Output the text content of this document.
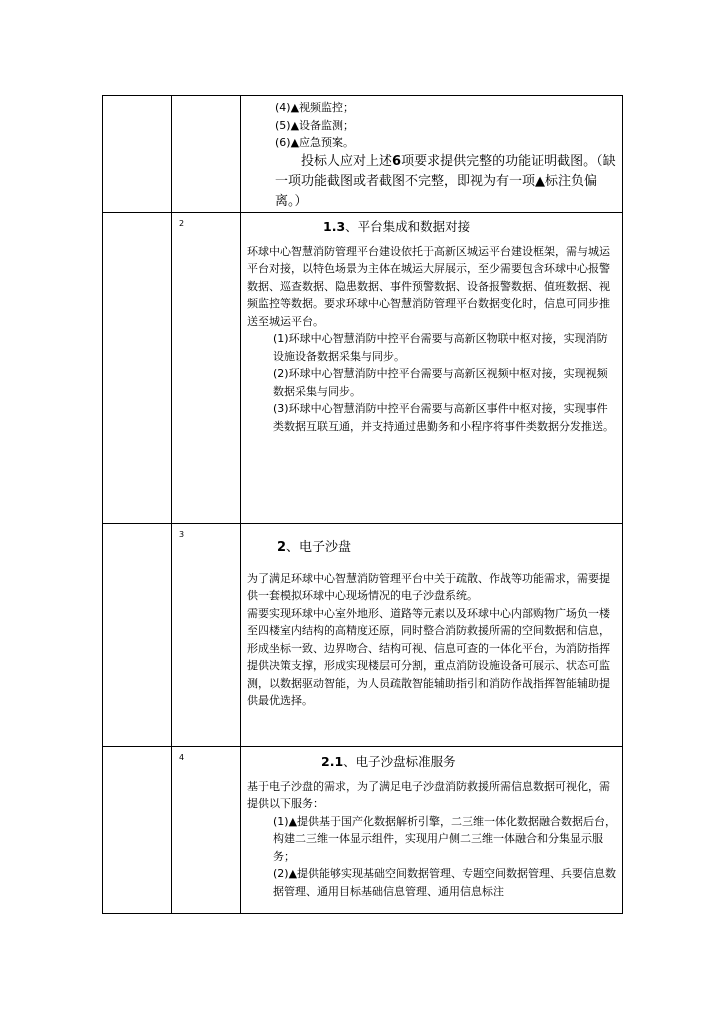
		(4)▲视频监控；
(5)▲设备监测；
(6)▲应急预案。
投标人应对上述6项要求提供完整的功能证明截图。（缺一项功能截图或者截图不完整，即视为有一项▲标注负偏离。）

	2	1.3、平台集成和数据对接
环球中心智慧消防管理平台建设依托于高新区城运平台建设框架，需与城运平台对接，以特色场景为主体在城运大屏展示，至少需要包含环球中心报警数据、巡查数据、隐患数据、事件预警数据、设备报警数据、值班数据、视频监控等数据。要求环球中心智慧消防管理平台数据变化时，信息可同步推送至城运平台。
(1)环球中心智慧消防中控平台需要与高新区物联中枢对接，实现消防设施设备数据采集与同步。
(2)环球中心智慧消防中控平台需要与高新区视频中枢对接，实现视频数据采集与同步。
(3)环球中心智慧消防中控平台需要与高新区事件中枢对接，实现事件类数据互联互通，并支持通过患勤务和小程序将事件类数据分发推送。

	3	2、电子沙盘
为了满足环球中心智慧消防管理平台中关于疏散、作战等功能需求，需要提供一套模拟环球中心现场情况的电子沙盘系统。
需要实现环球中心室外地形、道路等元素以及环球中心内部购物广场负一楼至四楼室内结构的高精度还原，同时整合消防救援所需的空间数据和信息，形成坐标一致、边界吻合、结构可视、信息可查的一体化平台，为消防指挥提供决策支撑，形成实现楼层可分割，重点消防设施设备可展示、状态可监测，以数据驱动智能，为人员疏散智能辅助指引和消防作战指挥智能辅助提供最优选择。

	4	2.1、电子沙盘标准服务
基于电子沙盘的需求，为了满足电子沙盘消防救援所需信息数据可视化，需提供以下服务：
(1)▲提供基于国产化数据解析引擎，二三维一体化数据融合数据后台，构建二三维一体显示组件，实现用户侧二三维一体融合和分集显示服务；
(2)▲提供能够实现基础空间数据管理、专题空间数据管理、兵要信息数据管理、通用目标基础信息管理、通用信息标注
